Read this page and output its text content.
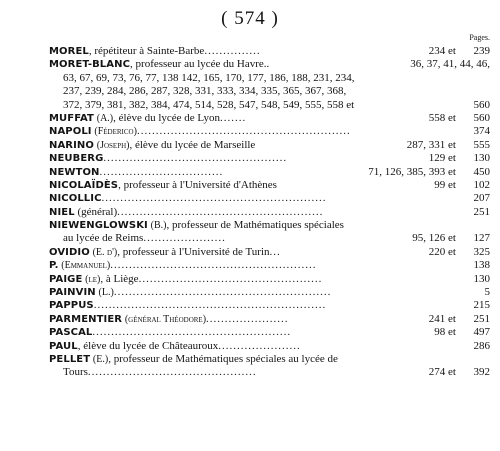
( 574 )
Pages.
MOREL, répétiteur à Sainte-Barbe...............	234 et	239
MORET-BLANC, professeur au lycée du Havre..	36, 37, 41, 44, 46,
63, 67, 69, 73, 76, 77, 138 142, 165, 170, 177, 186, 188, 231, 234,
237, 239, 284, 286, 287, 328, 331, 333, 334, 335, 365, 367, 368,
372, 379, 381, 382, 384, 474, 514, 528, 547, 548, 549, 555, 558 et	560
MUFFAT (A.), élève du lycée de Lyon.......	558 et	560
NAPOLI (Féderico).........................................................	374
NARINO (Joseph), élève du lycée de Marseille	287, 331 et	555
NEUBERG.................................................	129 et	130
NEWTON.................................	71, 126, 385, 393 et	450
NICOLAÏDÈS, professeur à l'Université d'Athènes	99 et	102
NICOLLIC............................................................	207
NIEL (général).......................................................	251
NIEWENGLOWSKI (B.), professeur de Mathématiques spéciales
au lycée de Reims......................	95, 126 et	127
OVIDIO (E. d'), professeur à l'Université de Turin...	220 et	325
P. (Emmanuel).......................................................	138
PAIGE (le), à Liège.................................................	130
PAINVIN (L.)..........................................................	5
PAPPUS..............................................................	215
PARMENTIER (général Théodore)......................	241 et	251
PASCAL.....................................................	98 et	497
PAUL, élève du lycée de Châteauroux......................	286
PELLET (E.), professeur de Mathématiques spéciales au lycée de
Tours.............................................	274 et	392
